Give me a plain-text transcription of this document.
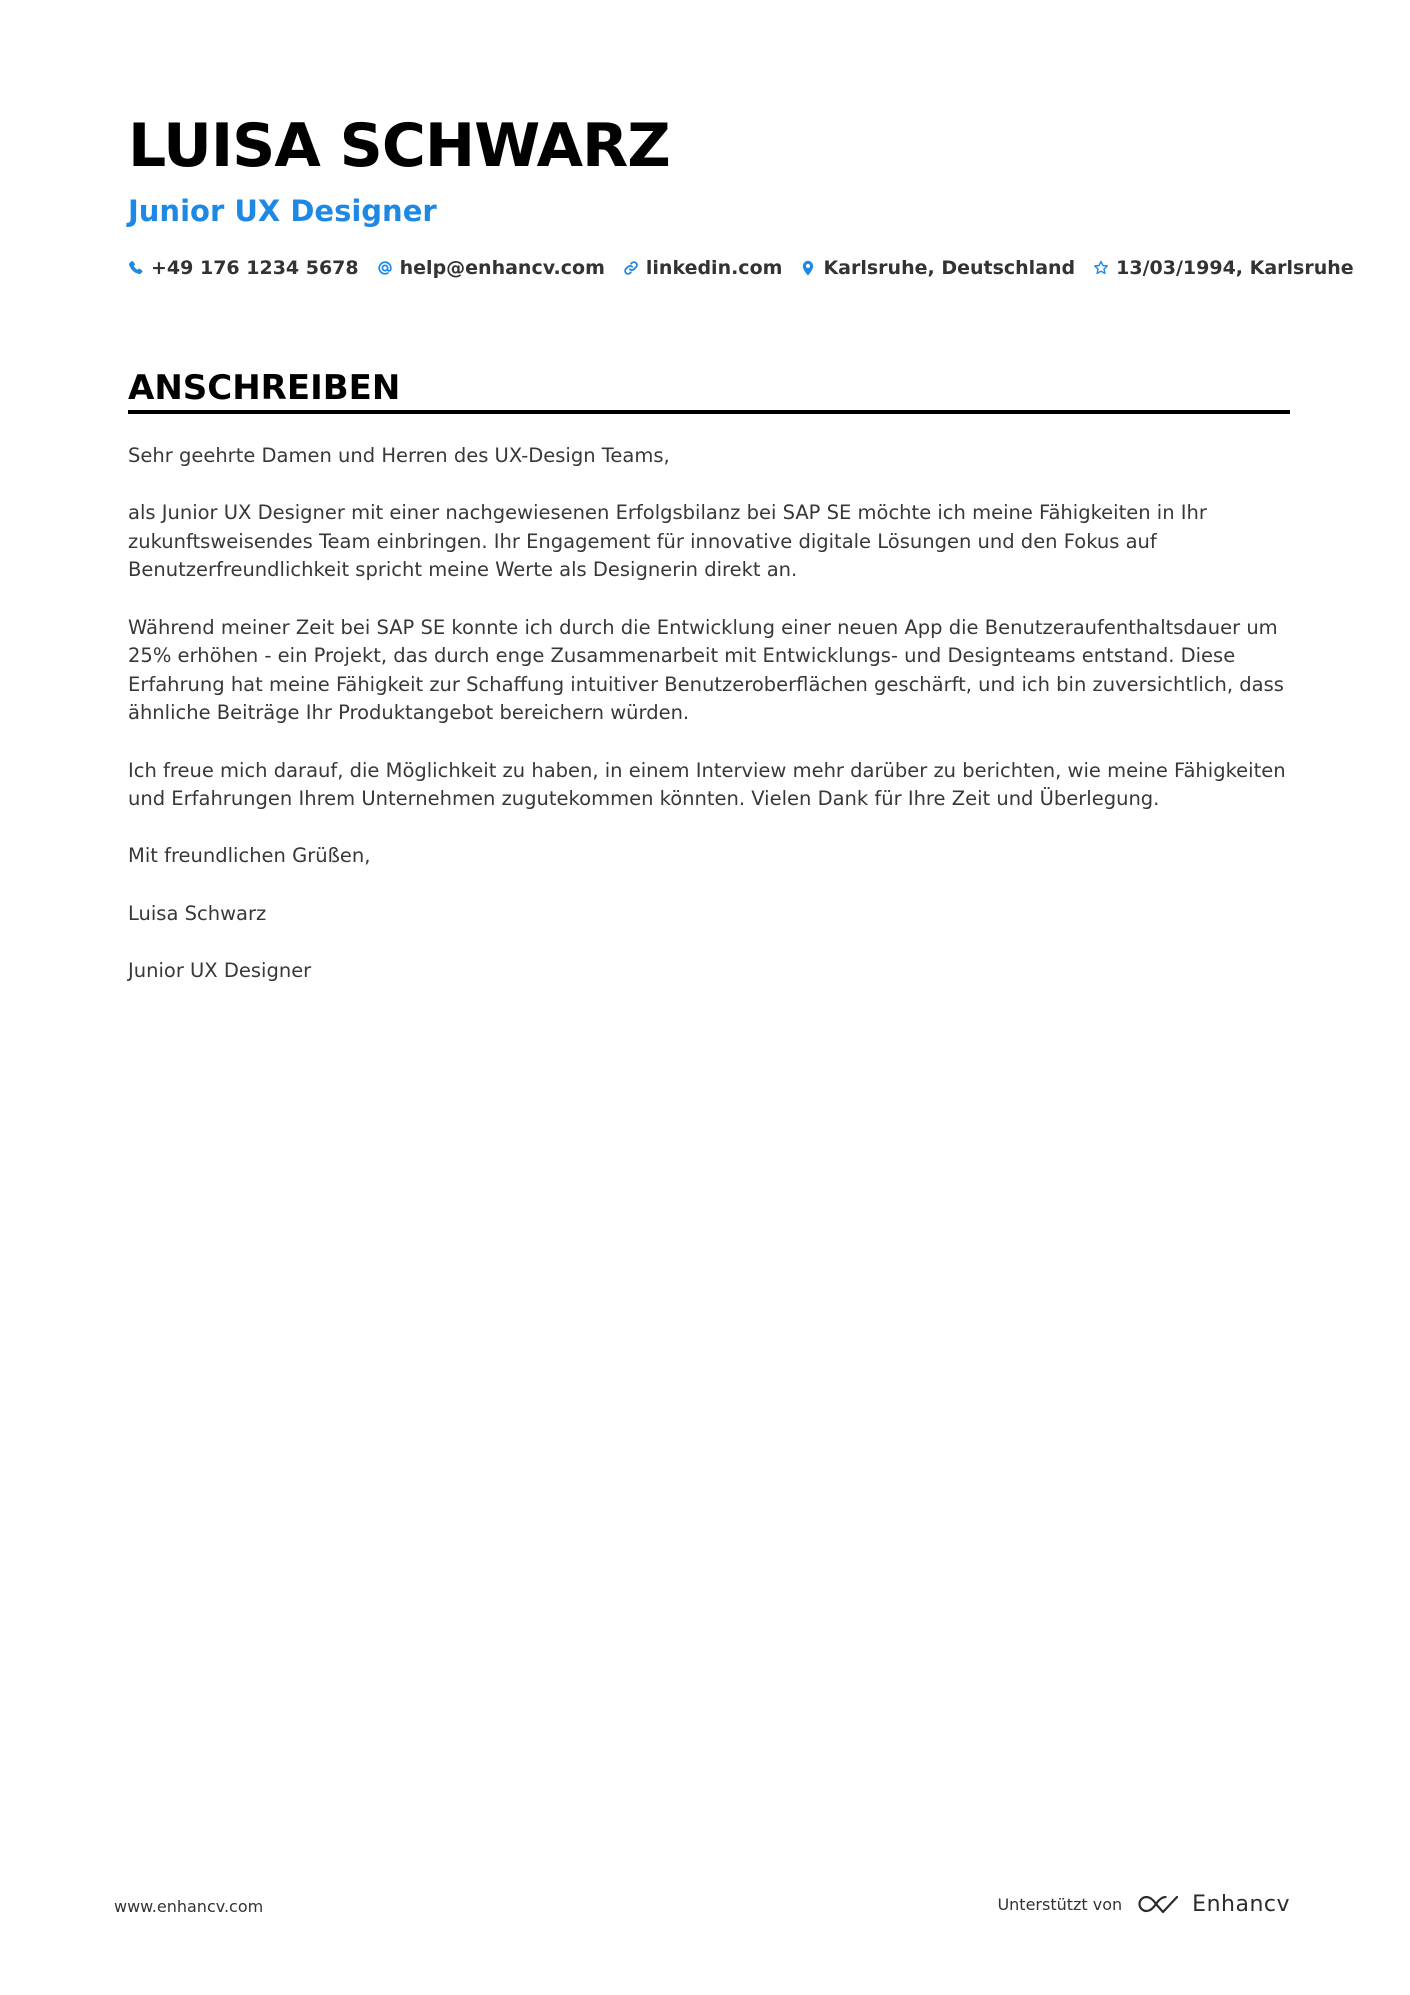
LUISA SCHWARZ
Junior UX Designer
+49 176 1234 5678 help@enhancv.com linkedin.com Karlsruhe, Deutschland 13/03/1994, Karlsruhe
ANSCHREIBEN

Sehr geehrte Damen und Herren des UX-Design Teams,

als Junior UX Designer mit einer nachgewiesenen Erfolgsbilanz bei SAP SE möchte ich meine Fähigkeiten in Ihr zukunftsweisendes Team einbringen. Ihr Engagement für innovative digitale Lösungen und den Fokus auf Benutzerfreundlichkeit spricht meine Werte als Designerin direkt an.

Während meiner Zeit bei SAP SE konnte ich durch die Entwicklung einer neuen App die Benutzeraufenthaltsdauer um 25% erhöhen - ein Projekt, das durch enge Zusammenarbeit mit Entwicklungs- und Designteams entstand. Diese Erfahrung hat meine Fähigkeit zur Schaffung intuitiver Benutzeroberflächen geschärft, und ich bin zuversichtlich, dass ähnliche Beiträge Ihr Produktangebot bereichern würden.

Ich freue mich darauf, die Möglichkeit zu haben, in einem Interview mehr darüber zu berichten, wie meine Fähigkeiten und Erfahrungen Ihrem Unternehmen zugutekommen könnten. Vielen Dank für Ihre Zeit und Überlegung.

Mit freundlichen Grüßen,

Luisa Schwarz

Junior UX Designer

www.enhancv.com	Unterstützt von	Enhancv
